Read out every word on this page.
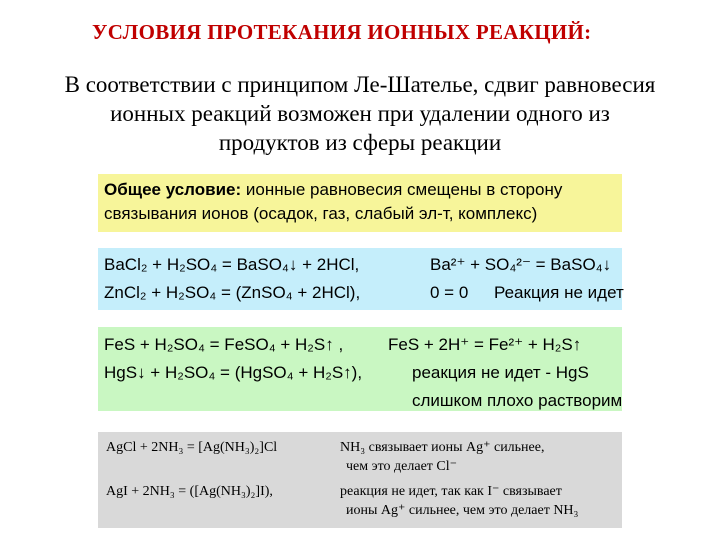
УСЛОВИЯ ПРОТЕКАНИЯ ИОННЫХ РЕАКЦИЙ:
В соответствии с принципом Ле-Шателье, сдвиг равновесия ионных реакций возможен при удалении одного из продуктов из сферы реакции
Общее условие: ионные равновесия смещены в сторону связывания ионов (осадок, газ, слабый эл-т, комплекс)
BaCl₂ + H₂SO₄ = BaSO₄↓ + 2HCl,	Ba²⁺ + SO₄²⁻ = BaSO₄↓
ZnCl₂ + H₂SO₄ = (ZnSO₄ + 2HCl),	0 = 0 Реакция не идет
FeS + H₂SO₄ = FeSO₄ + H₂S↑ ,	FeS + 2H⁺ = Fe²⁺ + H₂S↑
HgS↓ + H₂SO₄ = (HgSO₄ + H₂S↑),	реакция не идет - HgS
слишком плохо растворим
AgCl + 2NH₃ = [Ag(NH₃)₂]Cl	NH₃ связывает ионы Ag⁺ сильнее,
чем это делает Cl⁻
AgI + 2NH₃ = ([Ag(NH₃)₂]I),	реакция не идет, так как I⁻ связывает
ионы Ag⁺ сильнее, чем это делает NH₃
